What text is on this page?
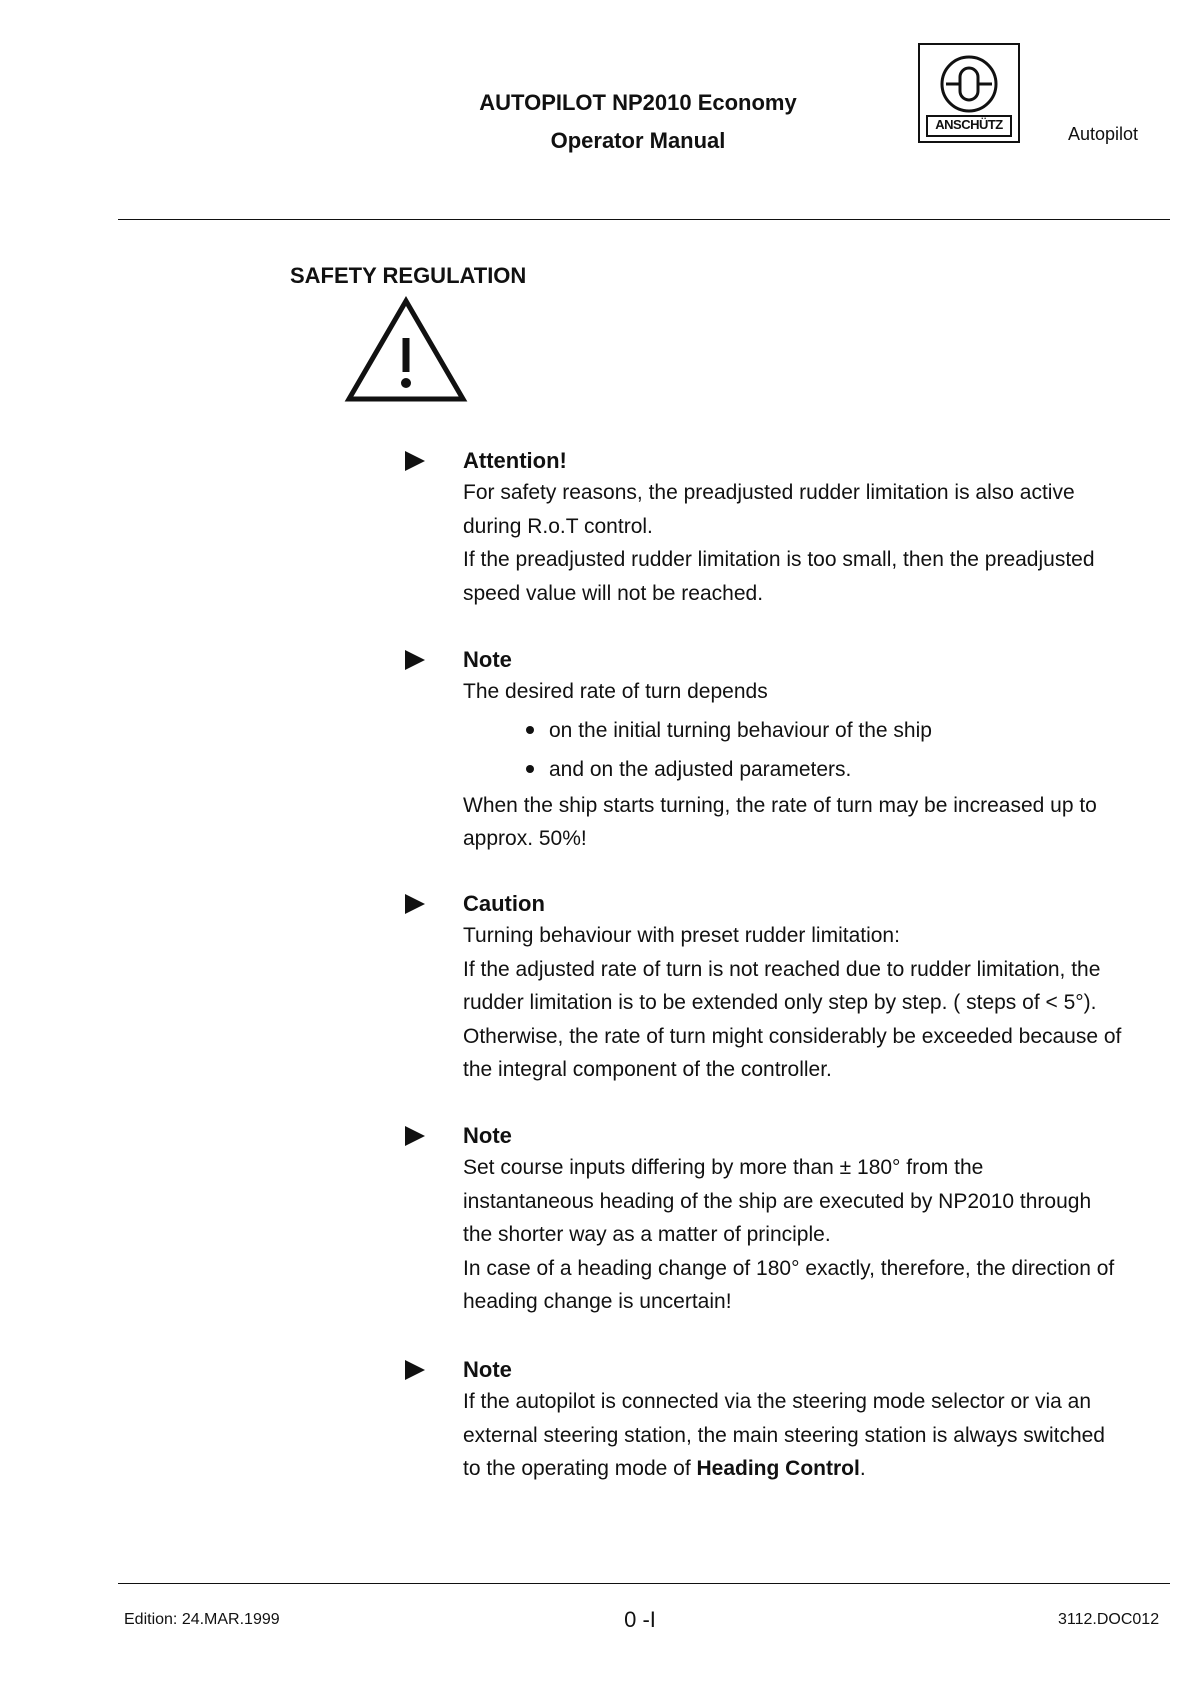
AUTOPILOT NP2010 Economy
Operator Manual
ANSCHÜTZ	Autopilot
SAFETY REGULATION
Attention!
For safety reasons, the preadjusted rudder limitation is also active
during R.o.T control.
If the preadjusted rudder limitation is too small, then the preadjusted
speed value will not be reached.
Note
The desired rate of turn depends
on the initial turning behaviour of the ship
and on the adjusted parameters.
When the ship starts turning, the rate of turn may be increased up to
approx. 50%!
Caution
Turning behaviour with preset rudder limitation:
If the adjusted rate of turn is not reached due to rudder limitation, the
rudder limitation is to be extended only step by step. ( steps of < 5°).
Otherwise, the rate of turn might considerably be exceeded because of
the integral component of the controller.
Note
Set course inputs differing by more than ± 180° from the
instantaneous heading of the ship are executed by NP2010 through
the shorter way as a matter of principle.
In case of a heading change of 180° exactly, therefore, the direction of
heading change is uncertain!
Note
If the autopilot is connected via the steering mode selector or via an
external steering station, the main steering station is always switched
to the operating mode of Heading Control.
Edition: 24.MAR.1999	0 -I	3112.DOC012
